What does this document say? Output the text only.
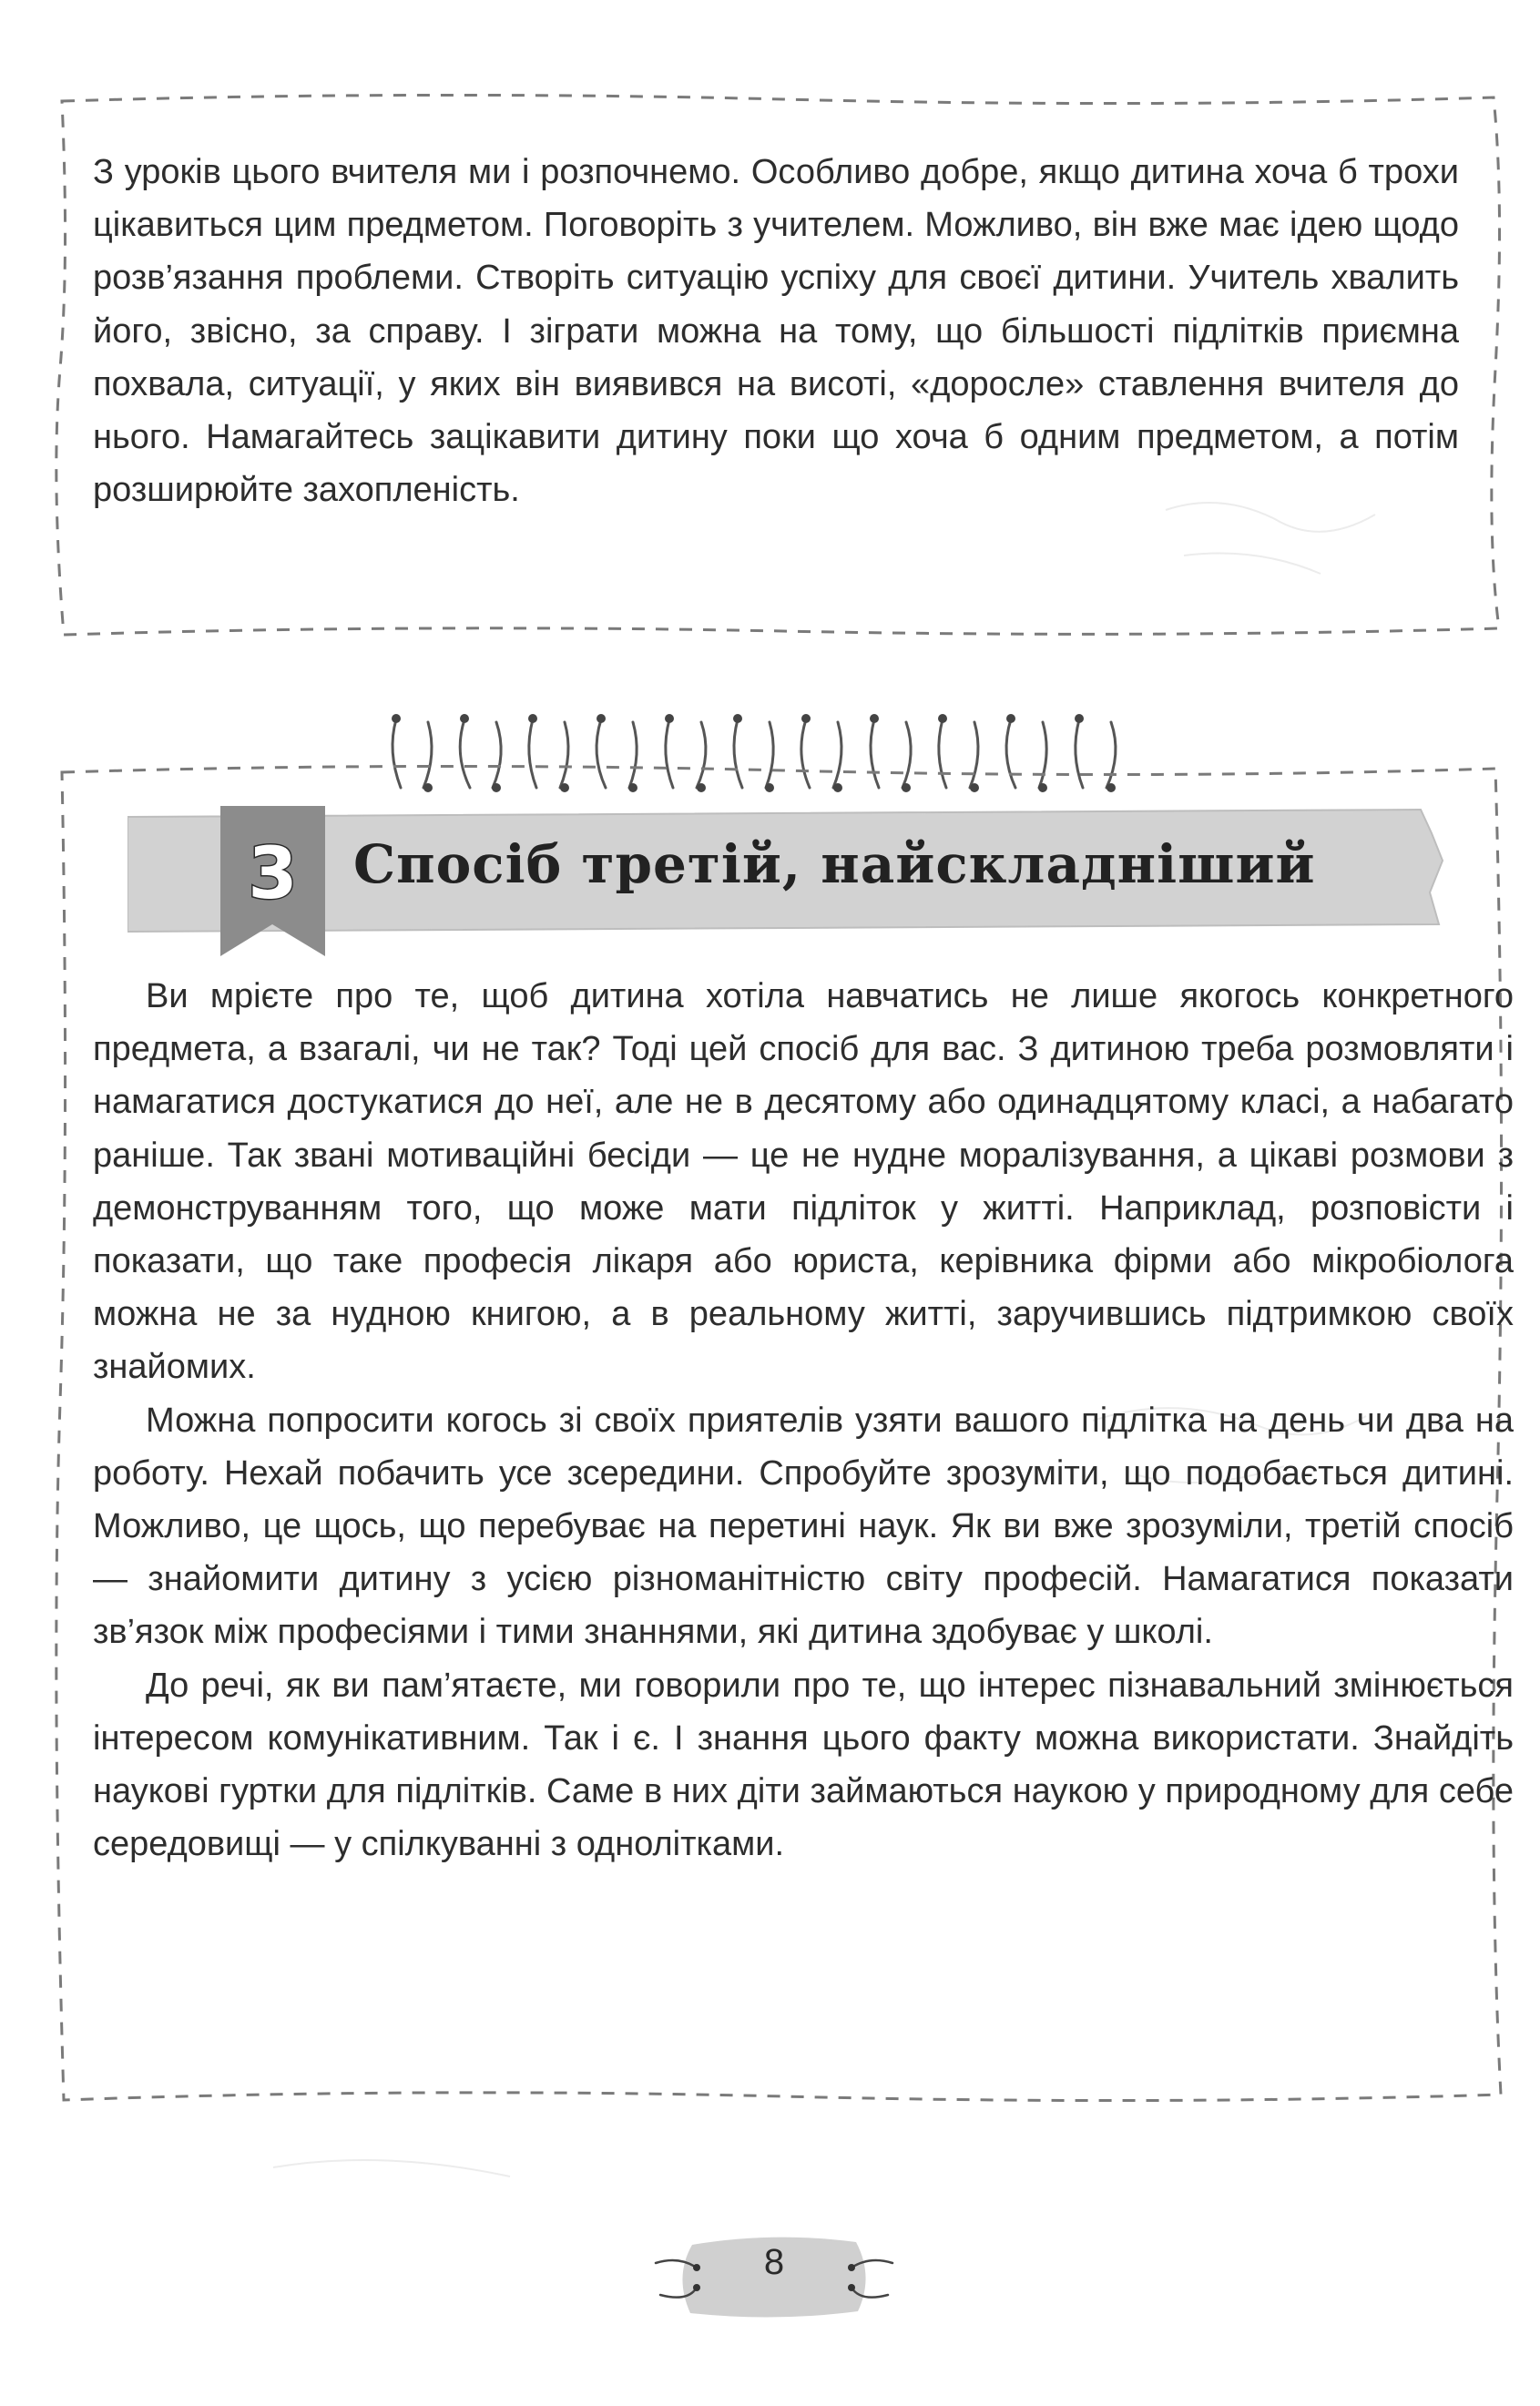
З уроків цього вчителя ми і розпочнемо. Особливо добре, якщо дитина хоча б трохи цікавиться цим предметом. Поговоріть з учителем. Можливо, він вже має ідею щодо розв’язання проблеми. Створіть ситуацію успіху для своєї дитини. Учитель хвалить його, звісно, за справу. І зіграти можна на тому, що більшості підлітків приємна похвала, ситуації, у яких він виявився на висоті, «доросле» ставлення вчителя до нього. Намагайтесь зацікавити дитину поки що хоча б одним предметом, а потім розширюйте захопленість.

Ви мрієте про те, щоб дитина хотіла навчатись не лише якогось конкретного предмета, а взагалі, чи не так? Тоді цей спосіб для вас. З дитиною треба розмовляти і намагатися достукатися до неї, але не в десятому або одинадцятому класі, а набагато раніше. Так звані мотиваційні бесіди — це не нудне моралізування, а цікаві розмови з демонструванням того, що може мати підліток у житті. Наприклад, розповісти і показати, що таке професія лікаря або юриста, керівника фірми або мікробіолога можна не за нудною книгою, а в реальному житті, заручившись підтримкою своїх знайомих.

Можна попросити когось зі своїх приятелів узяти вашого підлітка на день чи два на роботу. Нехай побачить усе зсередини. Спробуйте зрозуміти, що подобається дитині. Можливо, це щось, що перебуває на перетині наук. Як ви вже зрозуміли, третій спосіб — знайомити дитину з усією різноманітністю світу професій. Намагатися показати зв’язок між професіями і тими знаннями, які дитина здобуває у школі.

До речі, як ви пам’ятаєте, ми говорили про те, що інтерес пізнавальний змінюється інтересом комунікативним. Так і є. І знання цього факту можна використати. Знайдіть наукові гуртки для підлітків. Саме в них діти займаються наукою у природному для себе середовищі — у спілкуванні з однолітками.

3	Спосіб третій, найскладніший
8
